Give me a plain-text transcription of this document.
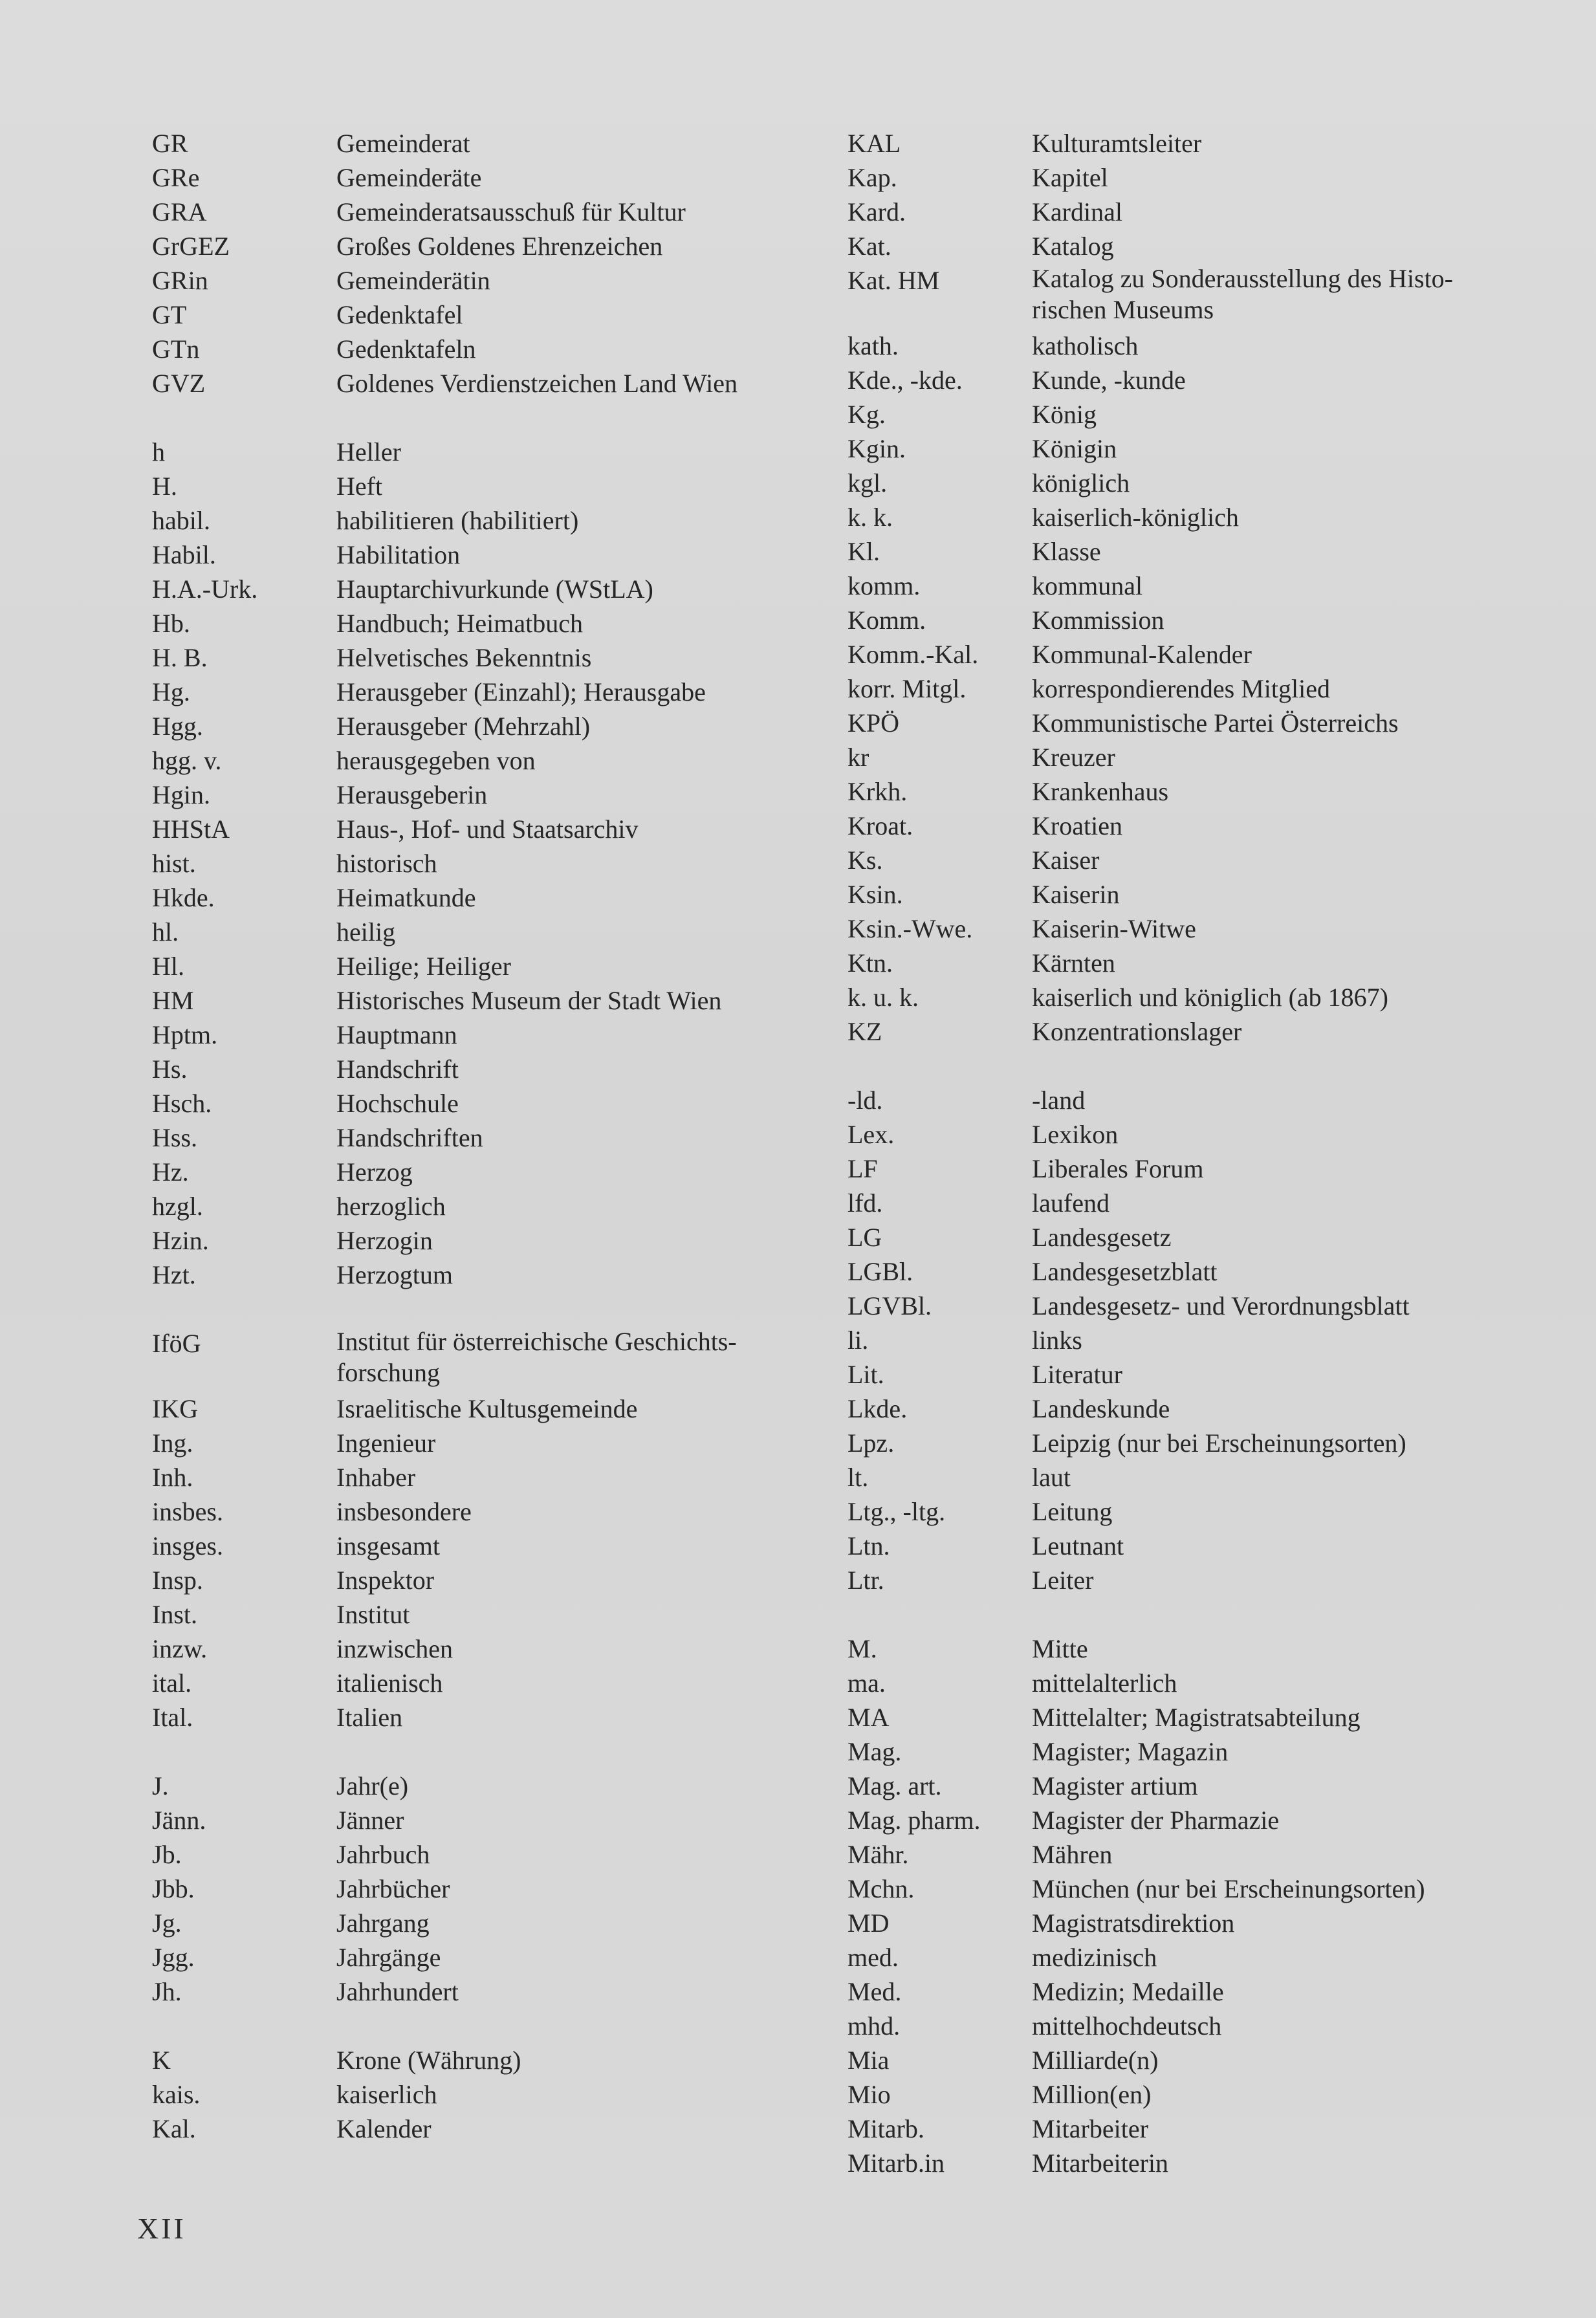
GR	Gemeinderat
GRe	Gemeinderäte
GRA	Gemeinderatsausschuß für Kultur
GrGEZ	Großes Goldenes Ehrenzeichen
GRin	Gemeinderätin
GT	Gedenktafel
GTn	Gedenktafeln
GVZ	Goldenes Verdienstzeichen Land Wien
h	Heller
H.	Heft
habil.	habilitieren (habilitiert)
Habil.	Habilitation
H.A.-Urk.	Hauptarchivurkunde (WStLA)
Hb.	Handbuch; Heimatbuch
H. B.	Helvetisches Bekenntnis
Hg.	Herausgeber (Einzahl); Herausgabe
Hgg.	Herausgeber (Mehrzahl)
hgg. v.	herausgegeben von
Hgin.	Herausgeberin
HHStA	Haus-, Hof- und Staatsarchiv
hist.	historisch
Hkde.	Heimatkunde
hl.	heilig
Hl.	Heilige; Heiliger
HM	Historisches Museum der Stadt Wien
Hptm.	Hauptmann
Hs.	Handschrift
Hsch.	Hochschule
Hss.	Handschriften
Hz.	Herzog
hzgl.	herzoglich
Hzin.	Herzogin
Hzt.	Herzogtum
IföG	Institut für österreichische Geschichts-
forschung
IKG	Israelitische Kultusgemeinde
Ing.	Ingenieur
Inh.	Inhaber
insbes.	insbesondere
insges.	insgesamt
Insp.	Inspektor
Inst.	Institut
inzw.	inzwischen
ital.	italienisch
Ital.	Italien
J.	Jahr(e)
Jänn.	Jänner
Jb.	Jahrbuch
Jbb.	Jahrbücher
Jg.	Jahrgang
Jgg.	Jahrgänge
Jh.	Jahrhundert
K	Krone (Währung)
kais.	kaiserlich
Kal.	Kalender
KAL	Kulturamtsleiter
Kap.	Kapitel
Kard.	Kardinal
Kat.	Katalog
Kat. HM	Katalog zu Sonderausstellung des Histo-
rischen Museums
kath.	katholisch
Kde., -kde.	Kunde, -kunde
Kg.	König
Kgin.	Königin
kgl.	königlich
k. k.	kaiserlich-königlich
Kl.	Klasse
komm.	kommunal
Komm.	Kommission
Komm.-Kal.	Kommunal-Kalender
korr. Mitgl.	korrespondierendes Mitglied
KPÖ	Kommunistische Partei Österreichs
kr	Kreuzer
Krkh.	Krankenhaus
Kroat.	Kroatien
Ks.	Kaiser
Ksin.	Kaiserin
Ksin.-Wwe.	Kaiserin-Witwe
Ktn.	Kärnten
k. u. k.	kaiserlich und königlich (ab 1867)
KZ	Konzentrationslager
-ld.	-land
Lex.	Lexikon
LF	Liberales Forum
lfd.	laufend
LG	Landesgesetz
LGBl.	Landesgesetzblatt
LGVBl.	Landesgesetz- und Verordnungsblatt
li.	links
Lit.	Literatur
Lkde.	Landeskunde
Lpz.	Leipzig (nur bei Erscheinungsorten)
lt.	laut
Ltg., -ltg.	Leitung
Ltn.	Leutnant
Ltr.	Leiter
M.	Mitte
ma.	mittelalterlich
MA	Mittelalter; Magistratsabteilung
Mag.	Magister; Magazin
Mag. art.	Magister artium
Mag. pharm.	Magister der Pharmazie
Mähr.	Mähren
Mchn.	München (nur bei Erscheinungsorten)
MD	Magistratsdirektion
med.	medizinisch
Med.	Medizin; Medaille
mhd.	mittelhochdeutsch
Mia	Milliarde(n)
Mio	Million(en)
Mitarb.	Mitarbeiter
Mitarb.in	Mitarbeiterin
XII
